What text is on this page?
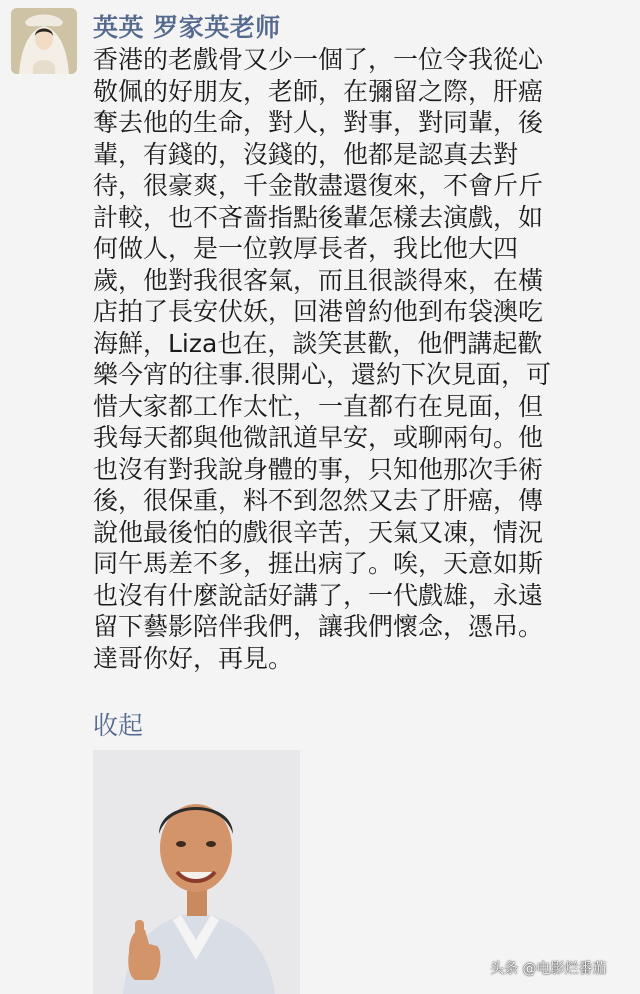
英英 罗家英老师
香港的老戲骨又少一個了，一位令我從心
敬佩的好朋友，老師，在彌留之際，肝癌
奪去他的生命，對人，對事，對同輩，後
輩，有錢的，沒錢的，他都是認真去對
待，很豪爽，千金散盡還復來，不會斤斤
計較，也不吝嗇指點後輩怎樣去演戲，如
何做人，是一位敦厚長者，我比他大四
歲，他對我很客氣，而且很談得來，在橫
店拍了長安伏妖，回港曾約他到布袋澳吃
海鮮，Liza也在，談笑甚歡，他們講起歡
樂今宵的往事.很開心，還約下次見面，可
惜大家都工作太忙，一直都冇在見面，但
我每天都與他微訊道早安，或聊兩句。他
也沒有對我說身體的事，只知他那次手術
後，很保重，料不到忽然又去了肝癌，傳
說他最後怕的戲很辛苦，天氣又凍，情況
同午馬差不多，捱出病了。唉，天意如斯
也沒有什麼說話好講了，一代戲雄，永遠
留下藝影陪伴我們，讓我們懷念，憑吊。
達哥你好，再見。
收起
头条 @电影烂番茄
